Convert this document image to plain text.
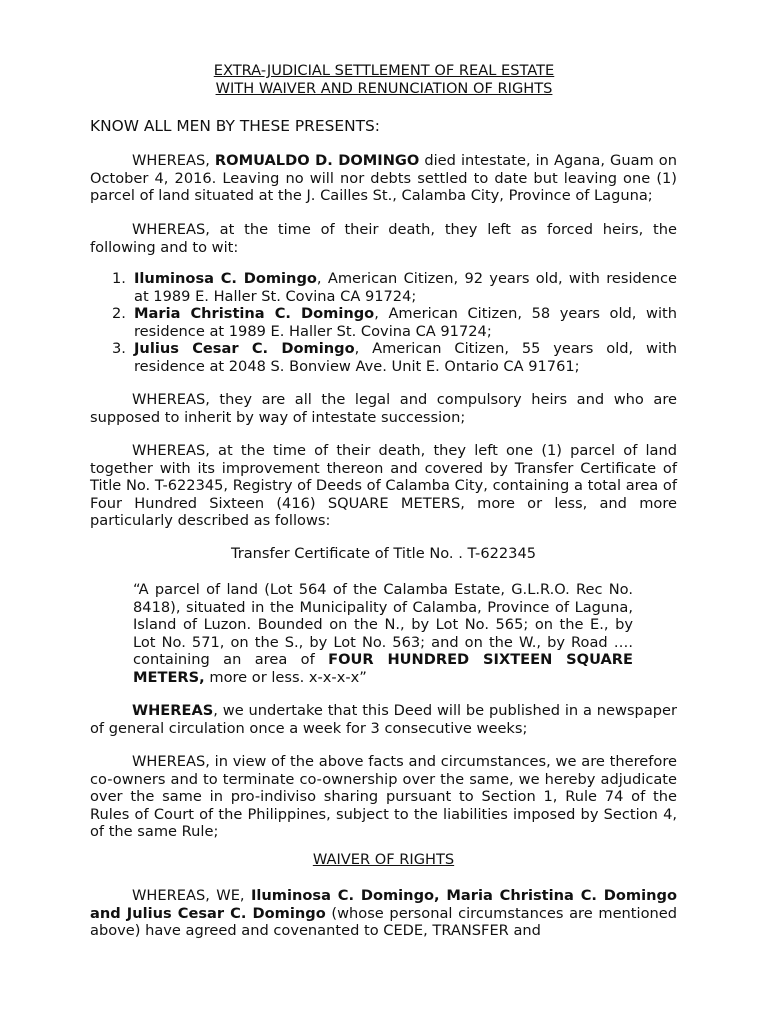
EXTRA-JUDICIAL SETTLEMENT OF REAL ESTATE
WITH WAIVER AND RENUNCIATION OF RIGHTS
KNOW ALL MEN BY THESE PRESENTS:

WHEREAS, ROMUALDO D. DOMINGO died intestate, in Agana, Guam on October 4, 2016. Leaving no will nor debts settled to date but leaving one (1) parcel of land situated at the J. Cailles St., Calamba City, Province of Laguna;

WHEREAS, at the time of their death, they left as forced heirs, the following and to wit:

1. Iluminosa C. Domingo, American Citizen, 92 years old, with residence at 1989 E. Haller St. Covina CA 91724;
2. Maria Christina C. Domingo, American Citizen, 58 years old, with residence at 1989 E. Haller St. Covina CA 91724;
3. Julius Cesar C. Domingo, American Citizen, 55 years old, with residence at 2048 S. Bonview Ave. Unit E. Ontario CA 91761;

WHEREAS, they are all the legal and compulsory heirs and who are supposed to inherit by way of intestate succession;

WHEREAS, at the time of their death, they left one (1) parcel of land together with its improvement thereon and covered by Transfer Certificate of Title No. T-622345, Registry of Deeds of Calamba City, containing a total area of Four Hundred Sixteen (416) SQUARE METERS, more or less, and more particularly described as follows:

Transfer Certificate of Title No. . T-622345

“A parcel of land (Lot 564 of the Calamba Estate, G.L.R.O. Rec No. 8418), situated in the Municipality of Calamba, Province of Laguna, Island of Luzon. Bounded on the N., by Lot No. 565; on the E., by Lot No. 571, on the S., by Lot No. 563; and on the W., by Road …. containing an area of FOUR HUNDRED SIXTEEN SQUARE METERS, more or less. x-x-x-x”

WHEREAS, we undertake that this Deed will be published in a newspaper of general circulation once a week for 3 consecutive weeks;

WHEREAS, in view of the above facts and circumstances, we are therefore co-owners and to terminate co-ownership over the same, we hereby adjudicate over the same in pro-indiviso sharing pursuant to Section 1, Rule 74 of the Rules of Court of the Philippines, subject to the liabilities imposed by Section 4, of the same Rule;

WAIVER OF RIGHTS

WHEREAS, WE, Iluminosa C. Domingo, Maria Christina C. Domingo and Julius Cesar C. Domingo (whose personal circumstances are mentioned above) have agreed and covenanted to CEDE, TRANSFER and
